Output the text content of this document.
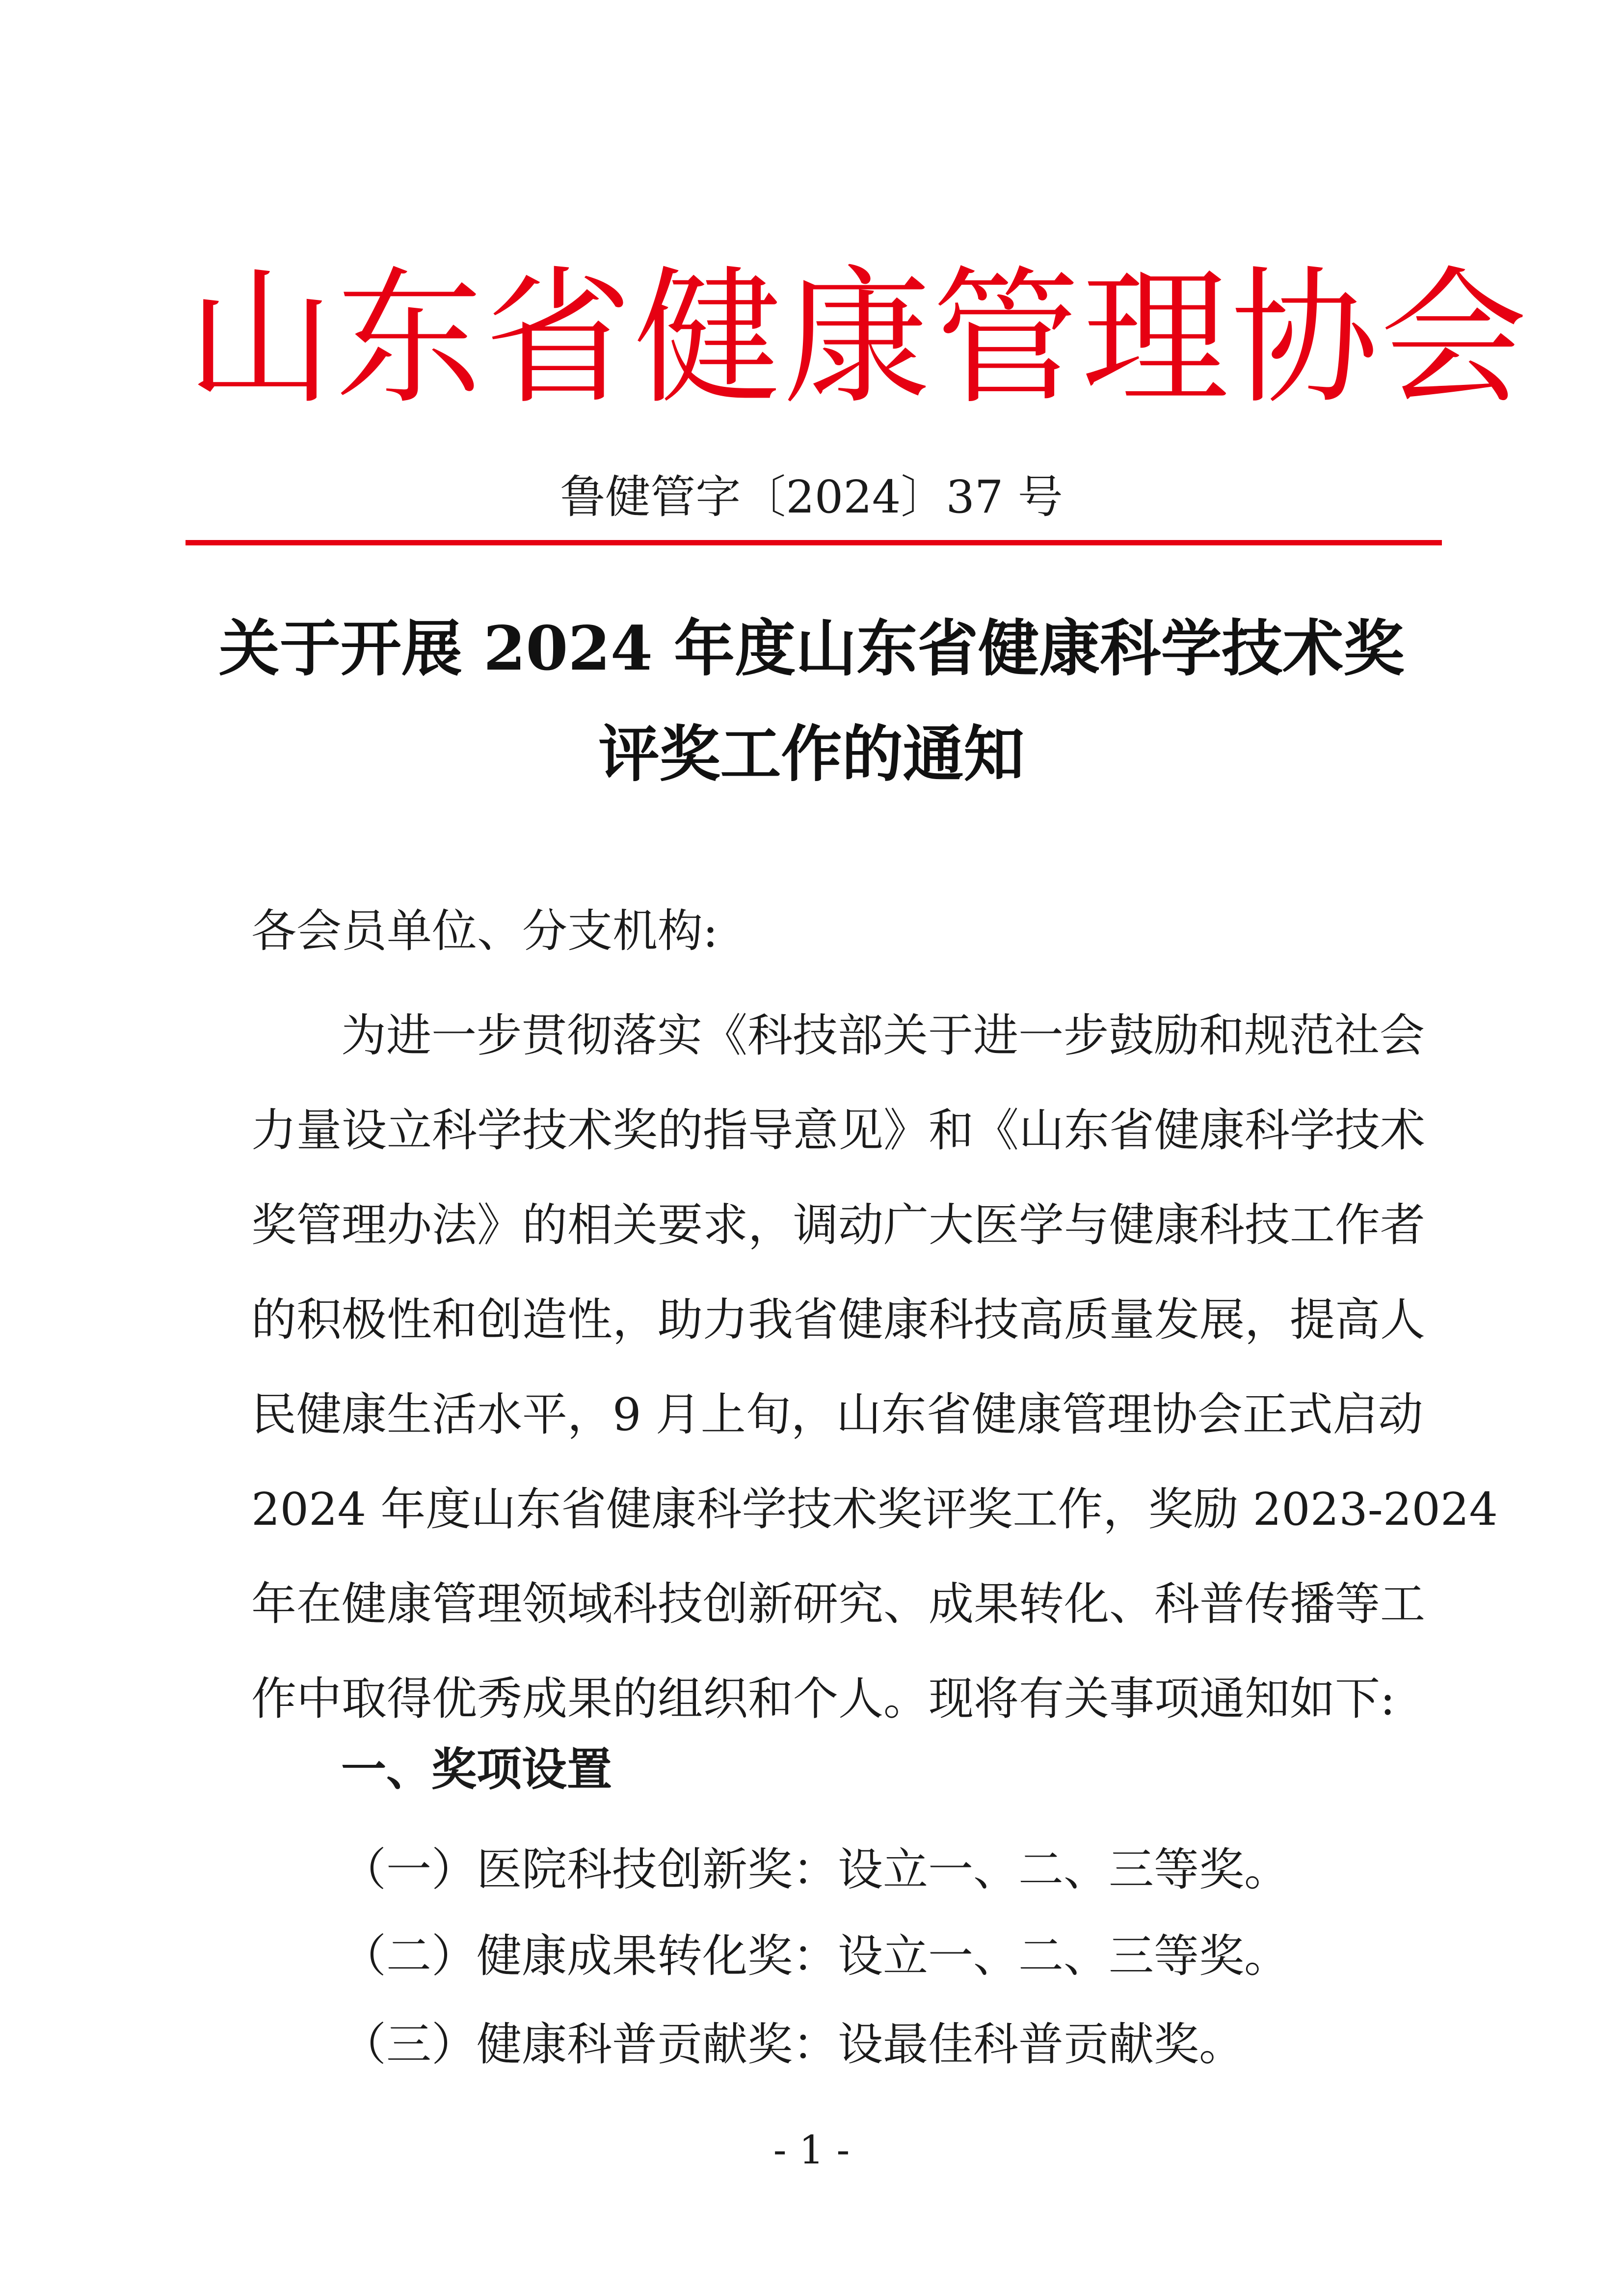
山东省健康管理协会
鲁健管字〔2024〕37 号
关于开展 2024 年度山东省健康科学技术奖
评奖工作的通知
各会员单位、分支机构:
为进一步贯彻落实《科技部关于进一步鼓励和规范社会
力量设立科学技术奖的指导意见》和《山东省健康科学技术
奖管理办法》的相关要求，调动广大医学与健康科技工作者
的积极性和创造性，助力我省健康科技高质量发展，提高人
民健康生活水平，9 月上旬，山东省健康管理协会正式启动
2024 年度山东省健康科学技术奖评奖工作，奖励 2023-2024
年在健康管理领域科技创新研究、成果转化、科普传播等工
作中取得优秀成果的组织和个人。现将有关事项通知如下:
一、奖项设置
（一）医院科技创新奖：设立一、二、三等奖。
（二）健康成果转化奖：设立一、二、三等奖。
（三）健康科普贡献奖：设最佳科普贡献奖。
- 1 -
